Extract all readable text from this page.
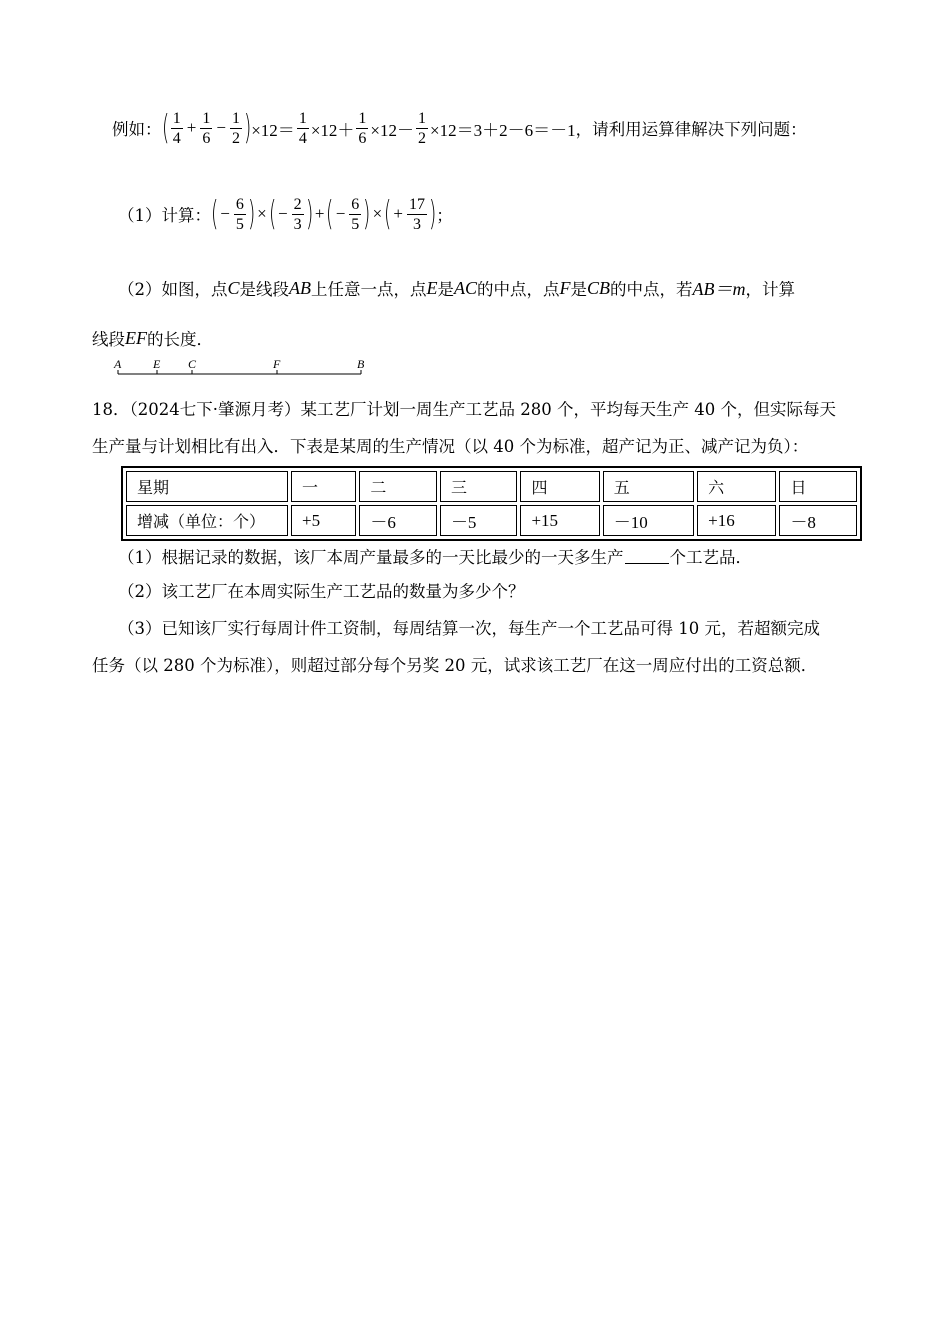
例如： ( $\frac{1}{4} + \frac{1}{6} - \frac{1}{2}$ ) $\times 12= \frac{1}{4} \times 12+ \frac{1}{6} \times 12- \frac{1}{2} \times 12=3+2-6=-1$ ，请利用运算律解决下列问题：
（1）计算： ( − $\frac{6}{5}$ ) × ( − $\frac{2}{3}$ ) + ( − $\frac{6}{5}$ ) × ( + $\frac{17}{3}$ ) ；
（2）如图，点 C 是线段 AB 上任意一点，点 E 是 AC 的中点，点 F 是 CB 的中点，若 AB＝m ，计算
线段 EF 的长度．
A	E C	F	B
18．（2024七下·肇源月考）某工艺厂计划一周生产工艺品 280 个，平均每天生产 40 个，但实际每天
生产量与计划相比有出入．下表是某周的生产情况（以 40 个为标准，超产记为正、减产记为负）：
星期	一	二	三	四	五	六	日
增减（单位：个）	+5	－6	－5	+15	－10	+16	－8
（1）根据记录的数据，该厂本周产量最多的一天比最少的一天多生产	个工艺品．
（2）该工艺厂在本周实际生产工艺品的数量为多少个？
（3）已知该厂实行每周计件工资制，每周结算一次，每生产一个工艺品可得 10 元，若超额完成
任务（以 280 个为标准），则超过部分每个另奖 20 元，试求该工艺厂在这一周应付出的工资总额．
